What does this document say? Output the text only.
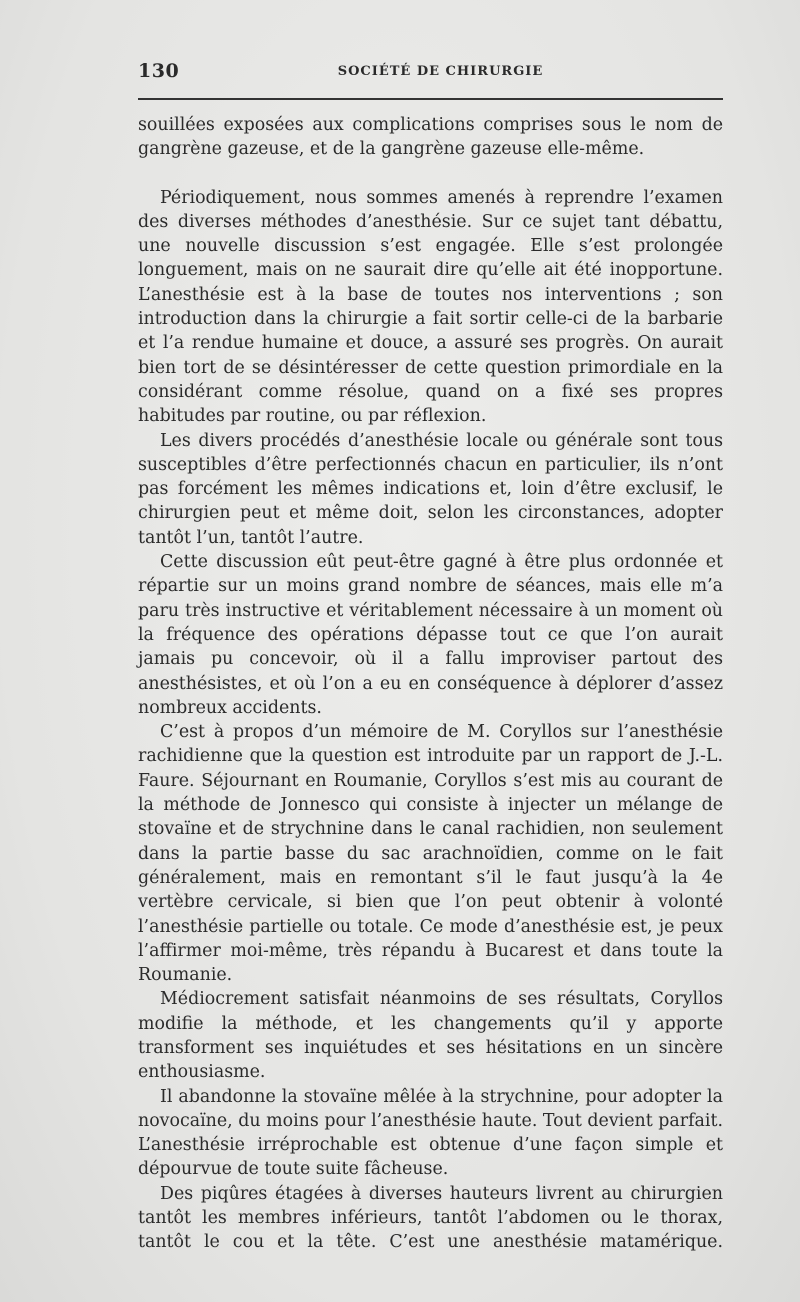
130	SOCIÉTÉ DE CHIRURGIE

souillées exposées aux complications comprises sous le nom de gangrène gazeuse, et de la gangrène gazeuse elle-même.

Périodiquement, nous sommes amenés à reprendre l’examen des diverses méthodes d’anesthésie. Sur ce sujet tant débattu, une nouvelle discussion s’est engagée. Elle s’est prolongée longuement, mais on ne saurait dire qu’elle ait été inopportune. L’anesthésie est à la base de toutes nos interventions ; son introduction dans la chirurgie a fait sortir celle-ci de la barbarie et l’a rendue humaine et douce, a assuré ses progrès. On aurait bien tort de se désintéresser de cette question primordiale en la considérant comme résolue, quand on a fixé ses propres habitudes par routine, ou par réflexion.

Les divers procédés d’anesthésie locale ou générale sont tous susceptibles d’être perfectionnés chacun en particulier, ils n’ont pas forcément les mêmes indications et, loin d’être exclusif, le chirurgien peut et même doit, selon les circonstances, adopter tantôt l’un, tantôt l’autre.

Cette discussion eût peut-être gagné à être plus ordonnée et répartie sur un moins grand nombre de séances, mais elle m’a paru très instructive et véritablement nécessaire à un moment où la fréquence des opérations dépasse tout ce que l’on aurait jamais pu concevoir, où il a fallu improviser partout des anesthésistes, et où l’on a eu en conséquence à déplorer d’assez nombreux accidents.

C’est à propos d’un mémoire de M. Coryllos sur l’anesthésie rachidienne que la question est introduite par un rapport de J.-L. Faure. Séjournant en Roumanie, Coryllos s’est mis au courant de la méthode de Jonnesco qui consiste à injecter un mélange de stovaïne et de strychnine dans le canal rachidien, non seulement dans la partie basse du sac arachnoïdien, comme on le fait généralement, mais en remontant s’il le faut jusqu’à la 4e vertèbre cervicale, si bien que l’on peut obtenir à volonté l’anesthésie partielle ou totale. Ce mode d’anesthésie est, je peux l’affirmer moi-même, très répandu à Bucarest et dans toute la Roumanie.

Médiocrement satisfait néanmoins de ses résultats, Coryllos modifie la méthode, et les changements qu’il y apporte transforment ses inquiétudes et ses hésitations en un sincère enthousiasme.

Il abandonne la stovaïne mêlée à la strychnine, pour adopter la novocaïne, du moins pour l’anesthésie haute. Tout devient parfait. L’anesthésie irréprochable est obtenue d’une façon simple et dépourvue de toute suite fâcheuse.

Des piqûres étagées à diverses hauteurs livrent au chirurgien tantôt les membres inférieurs, tantôt l’abdomen ou le thorax, tantôt le cou et la tête. C’est une anesthésie matamérique.
